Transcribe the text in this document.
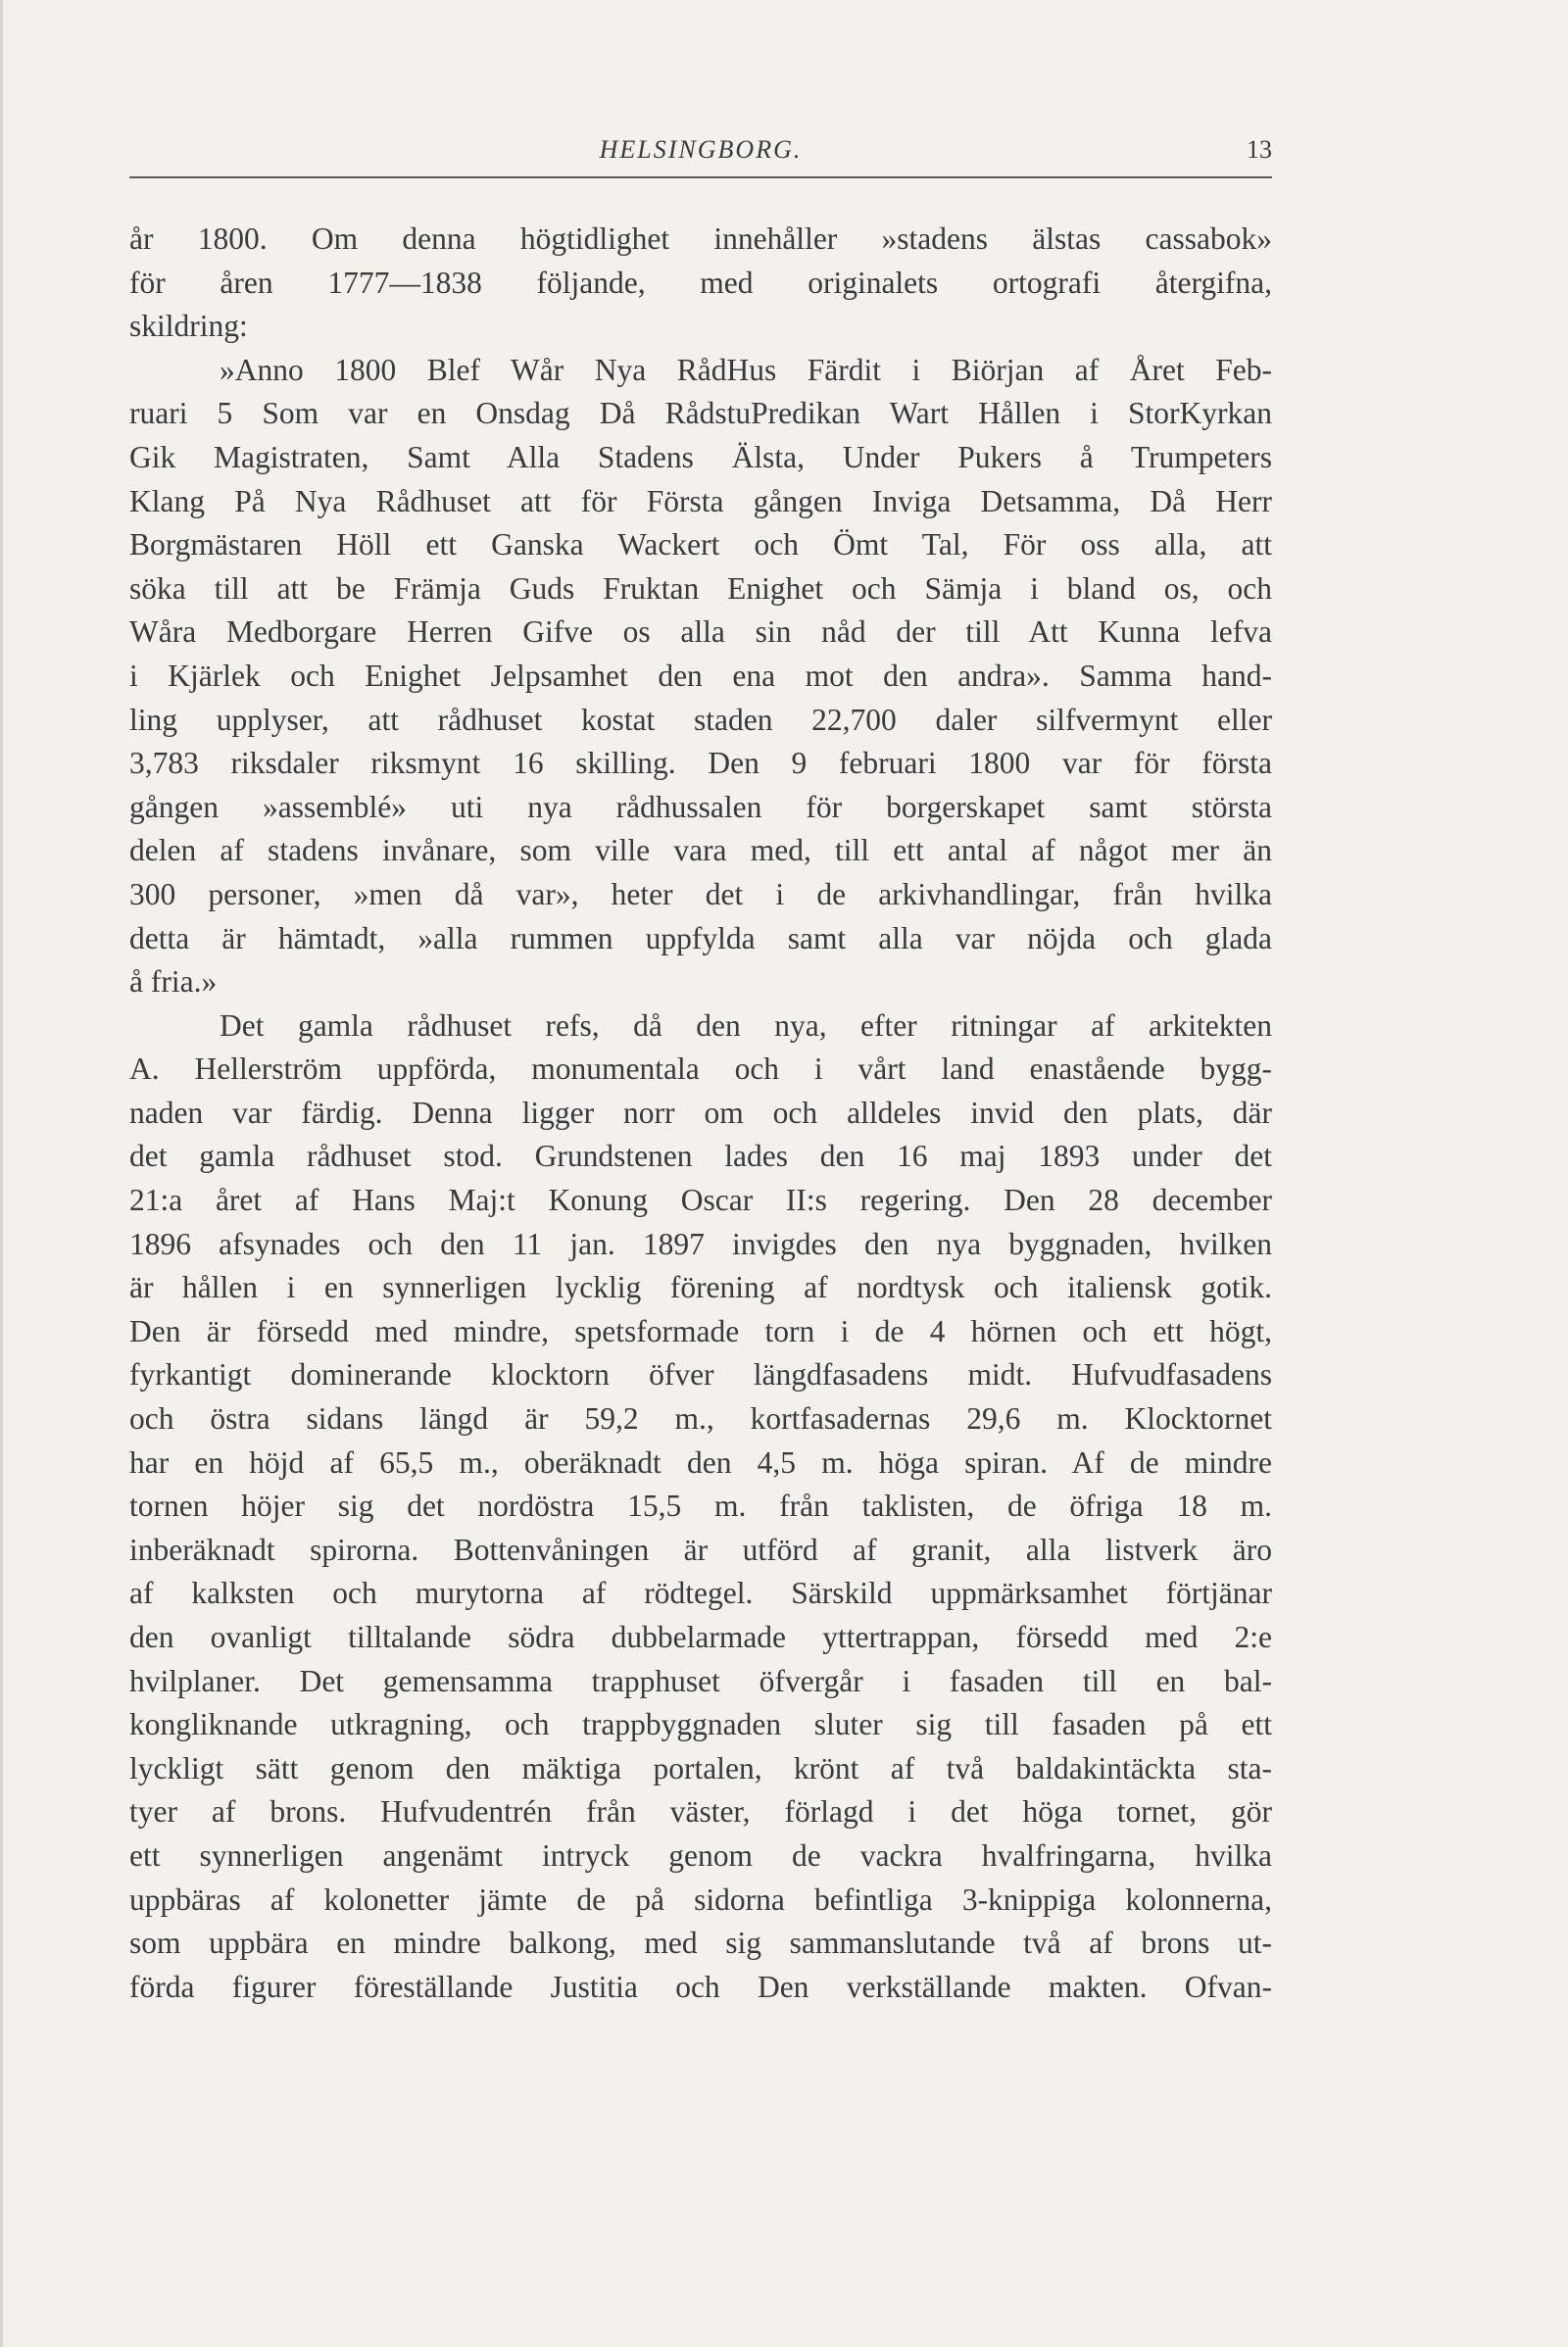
HELSINGBORG.	13
år 1800. Om denna högtidlighet innehåller »stadens älstas cassabok»
för åren 1777—1838 följande, med originalets ortografi återgifna,
skildring:
»Anno 1800 Blef Wår Nya RådHus Färdit i Biörjan af Året Feb-
ruari 5 Som var en Onsdag Då RådstuPredikan Wart Hållen i StorKyrkan
Gik Magistraten, Samt Alla Stadens Älsta, Under Pukers å Trumpeters
Klang På Nya Rådhuset att för Första gången Inviga Detsamma, Då Herr
Borgmästaren Höll ett Ganska Wackert och Ömt Tal, För oss alla, att
söka till att be Främja Guds Fruktan Enighet och Sämja i bland os, och
Wåra Medborgare Herren Gifve os alla sin nåd der till Att Kunna lefva
i Kjärlek och Enighet Jelpsamhet den ena mot den andra». Samma hand-
ling upplyser, att rådhuset kostat staden 22,700 daler silfvermynt eller
3,783 riksdaler riksmynt 16 skilling. Den 9 februari 1800 var för första
gången »assemblé» uti nya rådhussalen för borgerskapet samt största
delen af stadens invånare, som ville vara med, till ett antal af något mer än
300 personer, »men då var», heter det i de arkivhandlingar, från hvilka
detta är hämtadt, »alla rummen uppfylda samt alla var nöjda och glada
å fria.»
Det gamla rådhuset refs, då den nya, efter ritningar af arkitekten
A. Hellerström uppförda, monumentala och i vårt land enastående bygg-
naden var färdig. Denna ligger norr om och alldeles invid den plats, där
det gamla rådhuset stod. Grundstenen lades den 16 maj 1893 under det
21:a året af Hans Maj:t Konung Oscar II:s regering. Den 28 december
1896 afsynades och den 11 jan. 1897 invigdes den nya byggnaden, hvilken
är hållen i en synnerligen lycklig förening af nordtysk och italiensk gotik.
Den är försedd med mindre, spetsformade torn i de 4 hörnen och ett högt,
fyrkantigt dominerande klocktorn öfver längdfasadens midt. Hufvudfasadens
och östra sidans längd är 59,2 m., kortfasadernas 29,6 m. Klocktornet
har en höjd af 65,5 m., oberäknadt den 4,5 m. höga spiran. Af de mindre
tornen höjer sig det nordöstra 15,5 m. från taklisten, de öfriga 18 m.
inberäknadt spirorna. Bottenvåningen är utförd af granit, alla listverk äro
af kalksten och murytorna af rödtegel. Särskild uppmärksamhet förtjänar
den ovanligt tilltalande södra dubbelarmade yttertrappan, försedd med 2:e
hvilplaner. Det gemensamma trapphuset öfvergår i fasaden till en bal-
kongliknande utkragning, och trappbyggnaden sluter sig till fasaden på ett
lyckligt sätt genom den mäktiga portalen, krönt af två baldakintäckta sta-
tyer af brons. Hufvudentrén från väster, förlagd i det höga tornet, gör
ett synnerligen angenämt intryck genom de vackra hvalfringarna, hvilka
uppbäras af kolonetter jämte de på sidorna befintliga 3-knippiga kolonnerna,
som uppbära en mindre balkong, med sig sammanslutande två af brons ut-
förda figurer föreställande Justitia och Den verkställande makten. Ofvan-
